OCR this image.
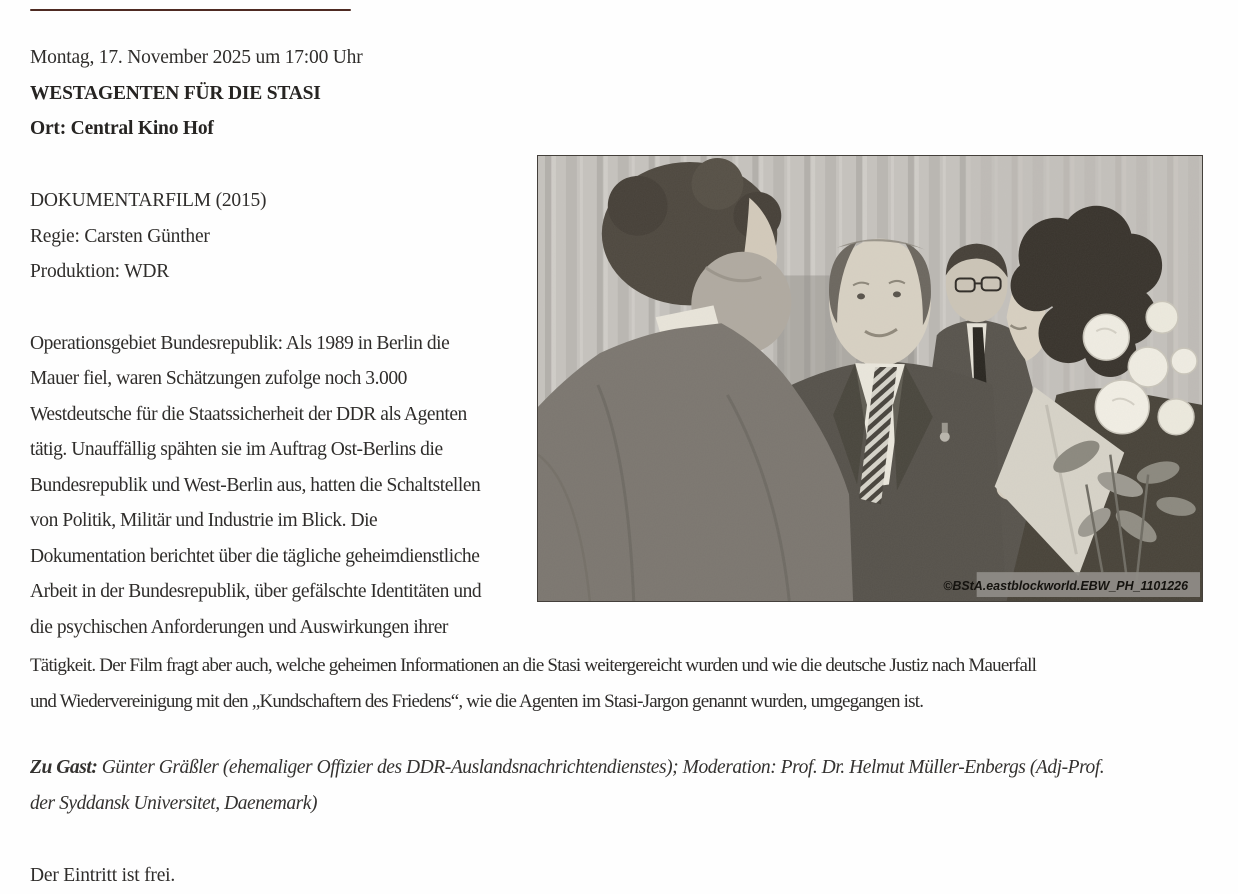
Montag, 17. November 2025 um 17:00 Uhr
WESTAGENTEN FÜR DIE STASI
Ort: Central Kino Hof
DOKUMENTARFILM (2015)
Regie: Carsten Günther
Produktion: WDR
Operationsgebiet Bundesrepublik: Als 1989 in Berlin die
Mauer fiel, waren Schätzungen zufolge noch 3.000
Westdeutsche für die Staatssicherheit der DDR als Agenten
tätig. Unauffällig spähten sie im Auftrag Ost-Berlins die
Bundesrepublik und West-Berlin aus, hatten die Schaltstellen
von Politik, Militär und Industrie im Blick. Die
Dokumentation berichtet über die tägliche geheimdienstliche
Arbeit in der Bundesrepublik, über gefälschte Identitäten und
die psychischen Anforderungen und Auswirkungen ihrer
Tätigkeit. Der Film fragt aber auch, welche geheimen Informationen an die Stasi weitergereicht wurden und wie die deutsche Justiz nach Mauerfall
und Wiedervereinigung mit den „Kundschaftern des Friedens“, wie die Agenten im Stasi-Jargon genannt wurden, umgegangen ist.
Zu Gast: Günter Gräßler (ehemaliger Offizier des DDR-Auslandsnachrichtendienstes); Moderation: Prof. Dr. Helmut Müller-Enbergs (Adj-Prof.
der Syddansk Universitet, Daenemark)
Der Eintritt ist frei.
©BStA.eastblockworld.EBW_PH_1101226
